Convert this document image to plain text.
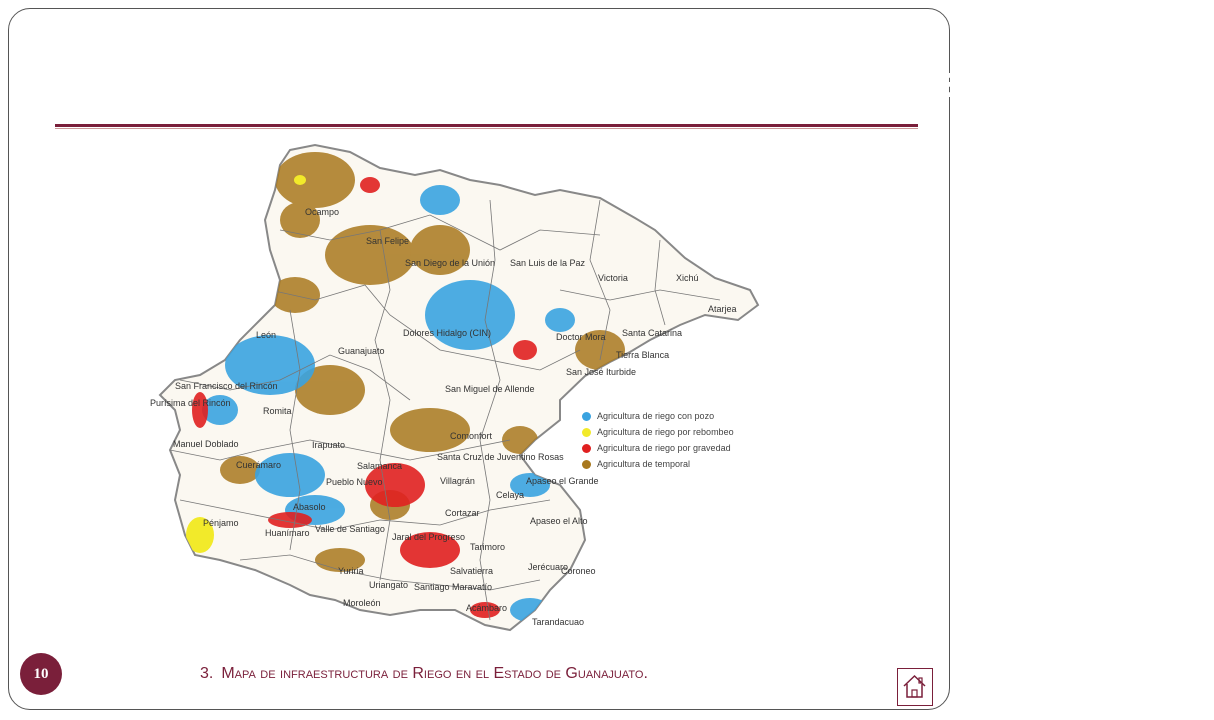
INFRAESTRUCTURA DE RIEGO EN EL ESTADO DE GUANAJUATO
Ocampo
San Felipe
San Diego de la Unión San Luis de la Paz
Victoria	Xichú
Atarjea
León
Guanajuato
Dolores Hidalgo (CIN)	Doctor Mora Santa Catarina
Tierra Blanca
San José Iturbide
San Miguel de Allende
San Francisco del Rincón
Purísima del Rincón
Romita
Manuel Doblado	Irapuato
Cuerámaro
Comonfort
Santa Cruz de Juventino Rosas
Salamanca
Pueblo Nuevo	Villagrán	Apaseo el Grande
Abasolo
Pénjamo
Huanímaro Valle de Santiago
Cortazar
Celaya
Apaseo el Alto
Jaral del Progreso
Tarimoro
Yuriria	Salvatierra	Jerécuaro
Coroneo
Uriangato Santiago Maravatío
Moroleón	Acámbaro
Tarandacuao
Agricultura de riego con pozo
Agricultura de riego por rebombeo
Agricultura de riego por gravedad
Agricultura de temporal
10	3. Mapa de infraestructura de Riego en el Estado de Guanajuato.
